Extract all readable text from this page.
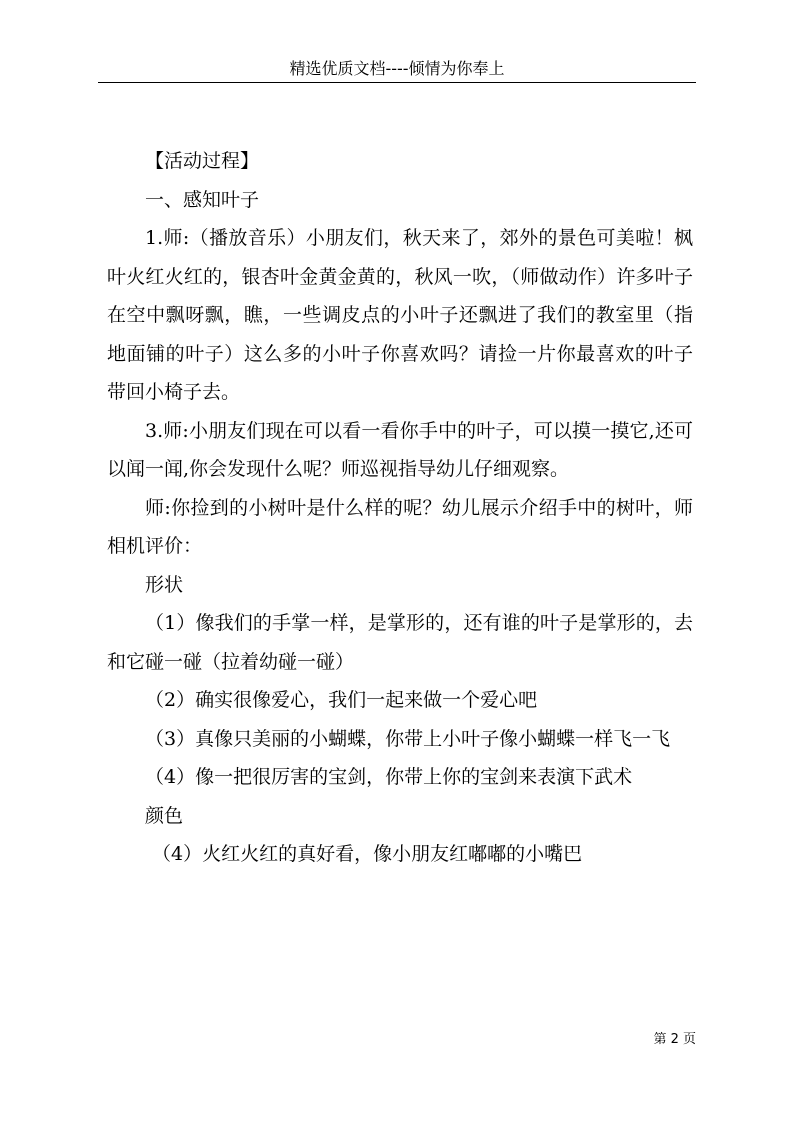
精选优质文档----倾情为你奉上

【活动过程】

一、感知叶子

1.师:（播放音乐）小朋友们，秋天来了，郊外的景色可美啦！枫叶火红火红的，银杏叶金黄金黄的，秋风一吹，（师做动作）许多叶子在空中飘呀飘，瞧，一些调皮点的小叶子还飘进了我们的教室里（指地面铺的叶子）这么多的小叶子你喜欢吗？请捡一片你最喜欢的叶子带回小椅子去。

3.师:小朋友们现在可以看一看你手中的叶子，可以摸一摸它,还可以闻一闻,你会发现什么呢？师巡视指导幼儿仔细观察。

师:你捡到的小树叶是什么样的呢？幼儿展示介绍手中的树叶，师相机评价：

形状

（1）像我们的手掌一样，是掌形的，还有谁的叶子是掌形的，去和它碰一碰（拉着幼碰一碰）

（2）确实很像爱心，我们一起来做一个爱心吧

（3）真像只美丽的小蝴蝶，你带上小叶子像小蝴蝶一样飞一飞

（4）像一把很厉害的宝剑，你带上你的宝剑来表演下武术

颜色

（4）火红火红的真好看，像小朋友红嘟嘟的小嘴巴

第 2 页
